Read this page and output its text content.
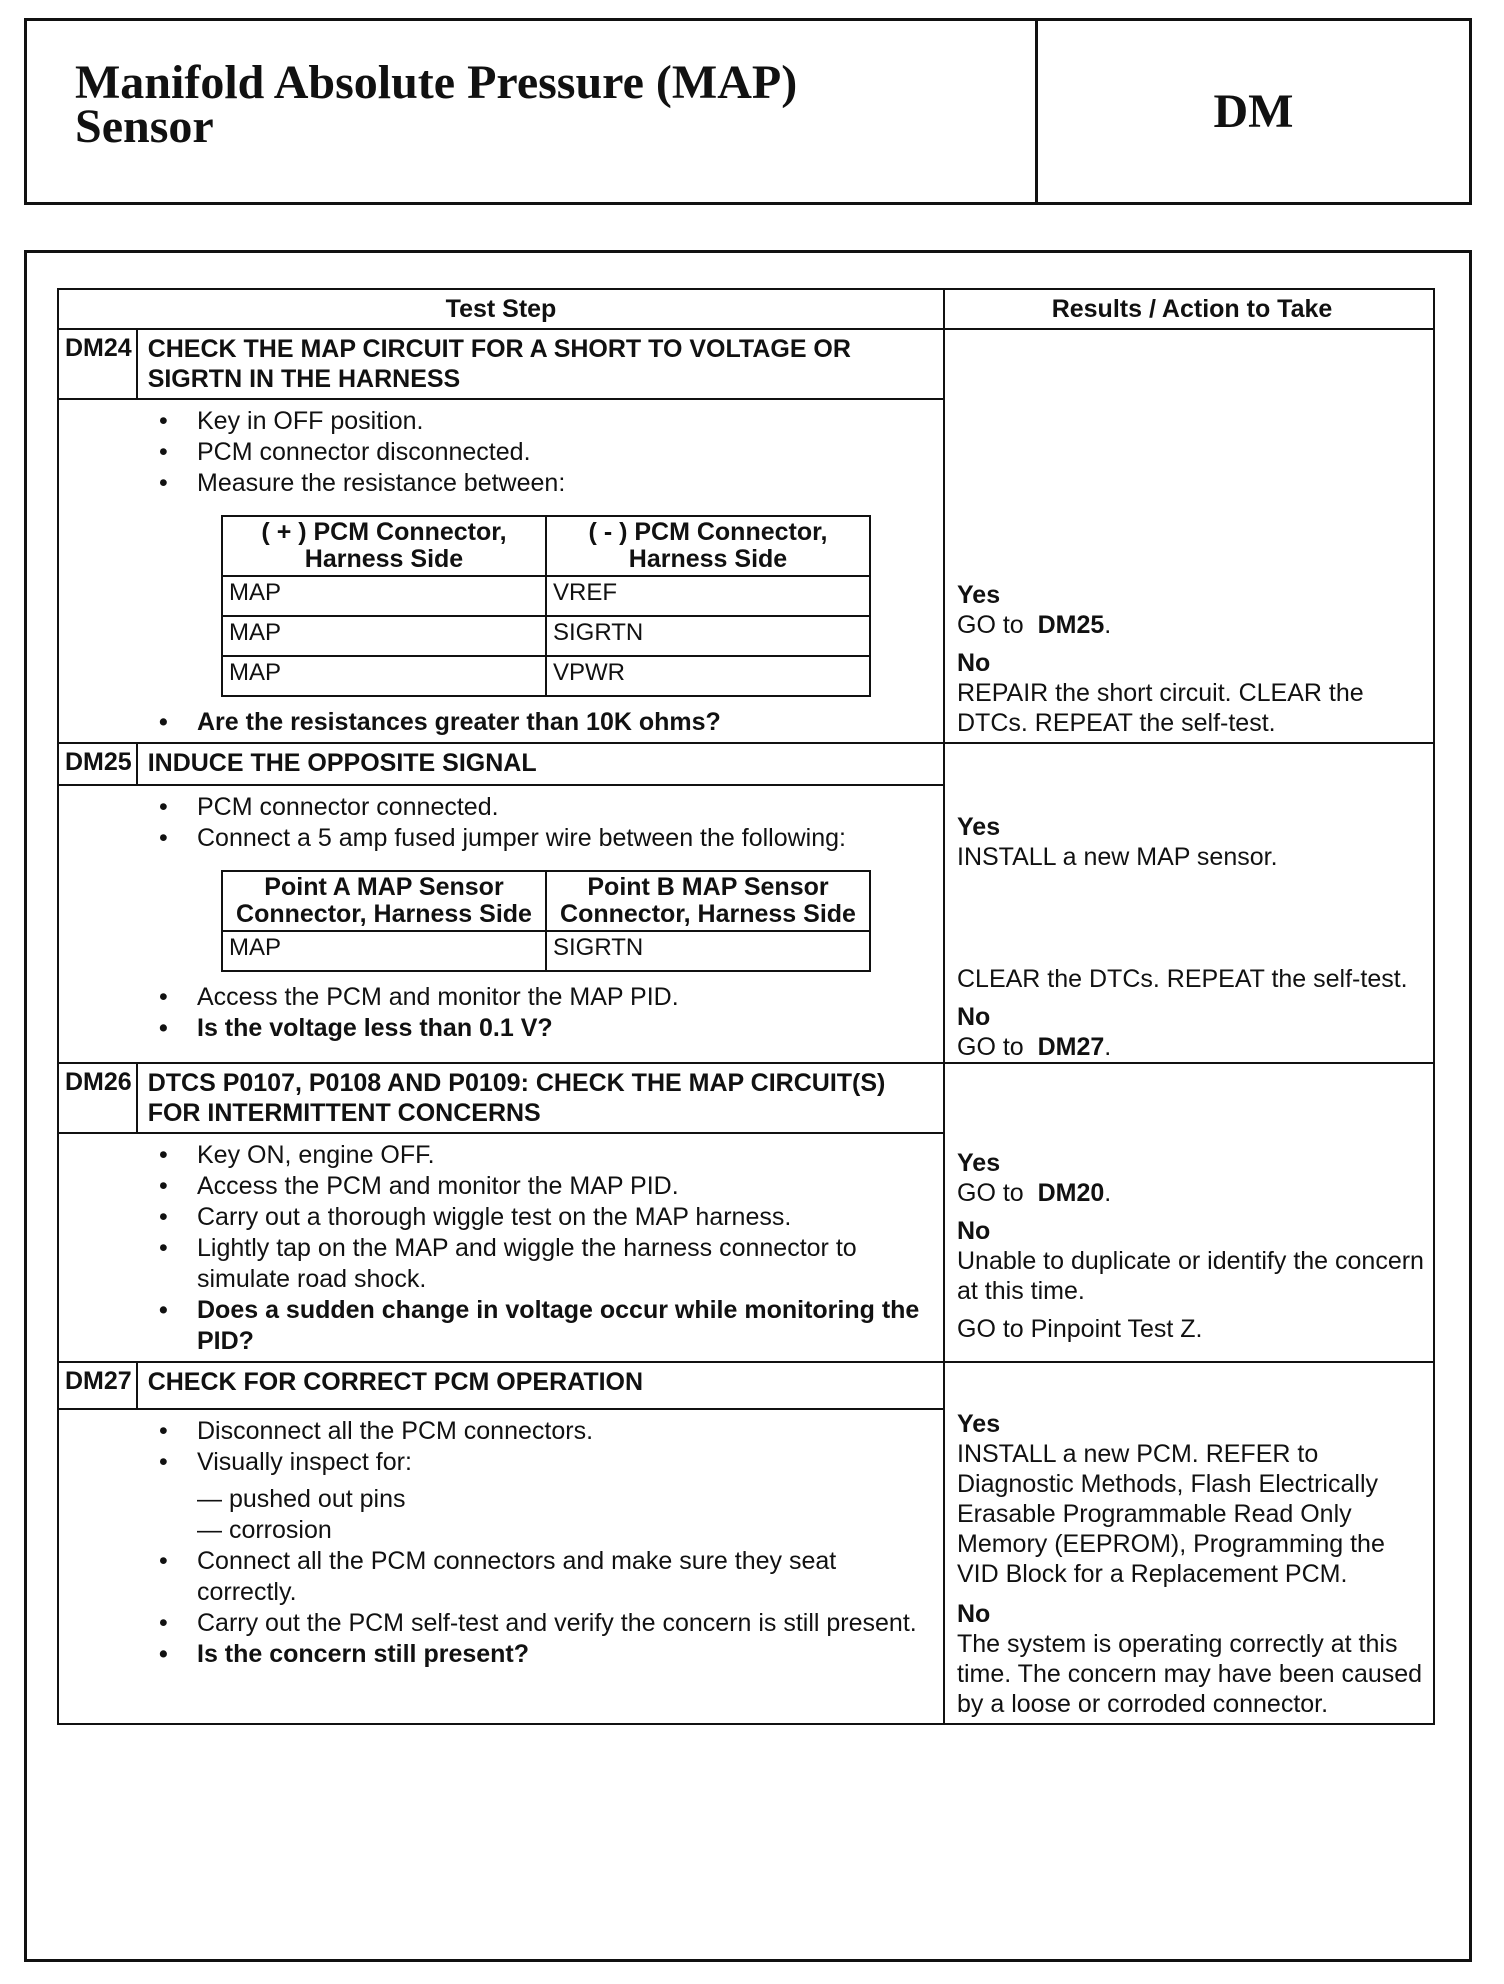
Manifold Absolute Pressure (MAP)
Sensor	DM
Test Step	Results / Action to Take
DM24	CHECK THE MAP CIRCUIT FOR A SHORT TO VOLTAGE OR SIGRTN IN THE HARNESS	
Yes
GO to DM25.
No
REPAIR the short circuit. CLEAR the DTCs. REPEAT the self-test.

• Key in OFF position.
• PCM connector disconnected.
• Measure the resistance between:
( + ) PCM Connector, Harness Side	( - ) PCM Connector, Harness Side
MAP	VREF
MAP	SIGRTN
MAP	VPWR
• Are the resistances greater than 10K ohms?

DM25	INDUCE THE OPPOSITE SIGNAL	
Yes
INSTALL a new MAP sensor.
CLEAR the DTCs. REPEAT the self-test.
No
GO to DM27.

• PCM connector connected.
• Connect a 5 amp fused jumper wire between the following:
Point A MAP Sensor Connector, Harness Side	Point B MAP Sensor Connector, Harness Side
MAP	SIGRTN
• Access the PCM and monitor the MAP PID.
• Is the voltage less than 0.1 V?

DM26	DTCS P0107, P0108 AND P0109: CHECK THE MAP CIRCUIT(S) FOR INTERMITTENT CONCERNS	
Yes
GO to DM20.
No
Unable to duplicate or identify the concern at this time.
GO to Pinpoint Test Z.

• Key ON, engine OFF.
• Access the PCM and monitor the MAP PID.
• Carry out a thorough wiggle test on the MAP harness.
• Lightly tap on the MAP and wiggle the harness connector to simulate road shock.
• Does a sudden change in voltage occur while monitoring the PID?

DM27	CHECK FOR CORRECT PCM OPERATION	
Yes
INSTALL a new PCM. REFER to Diagnostic Methods, Flash Electrically Erasable Programmable Read Only Memory (EEPROM), Programming the VID Block for a Replacement PCM.
No
The system is operating correctly at this time. The concern may have been caused by a loose or corroded connector.

• Disconnect all the PCM connectors.
• Visually inspect for:
— pushed out pins
— corrosion
• Connect all the PCM connectors and make sure they seat correctly.
• Carry out the PCM self-test and verify the concern is still present.
• Is the concern still present?
